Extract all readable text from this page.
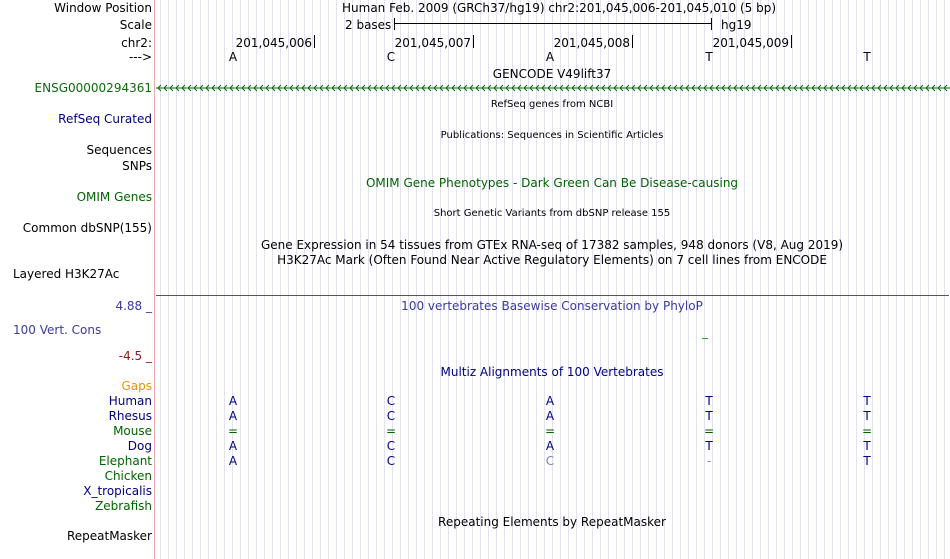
Window Position	Human Feb. 2009 (GRCh37/hg19) chr2:201,045,006-201,045,010 (5 bp)
Scale	2 bases	hg19
chr2:	201,045,006	201,045,007	201,045,008	201,045,009
--->	A	C	A	T	T
GENCODE V49lift37
ENSG00000294361
RefSeq genes from NCBI
RefSeq Curated
Publications: Sequences in Scientific Articles
Sequences
SNPs
OMIM Gene Phenotypes - Dark Green Can Be Disease-causing
OMIM Genes
Short Genetic Variants from dbSNP release 155
Common dbSNP(155)
Gene Expression in 54 tissues from GTEx RNA-seq of 17382 samples, 948 donors (V8, Aug 2019)
H3K27Ac Mark (Often Found Near Active Regulatory Elements) on 7 cell lines from ENCODE
Layered H3K27Ac
4.88 _	100 vertebrates Basewise Conservation by PhyloP
100 Vert. Cons
-4.5 _
Multiz Alignments of 100 Vertebrates
Gaps
Human	A	C	A	T	T
Rhesus	A	C	A	T	T
Mouse	=	=	=	=	=
Dog	A	C	A	T	T
Elephant	A	C	C	-	T
Chicken
X_tropicalis
Zebrafish
Repeating Elements by RepeatMasker
RepeatMasker
